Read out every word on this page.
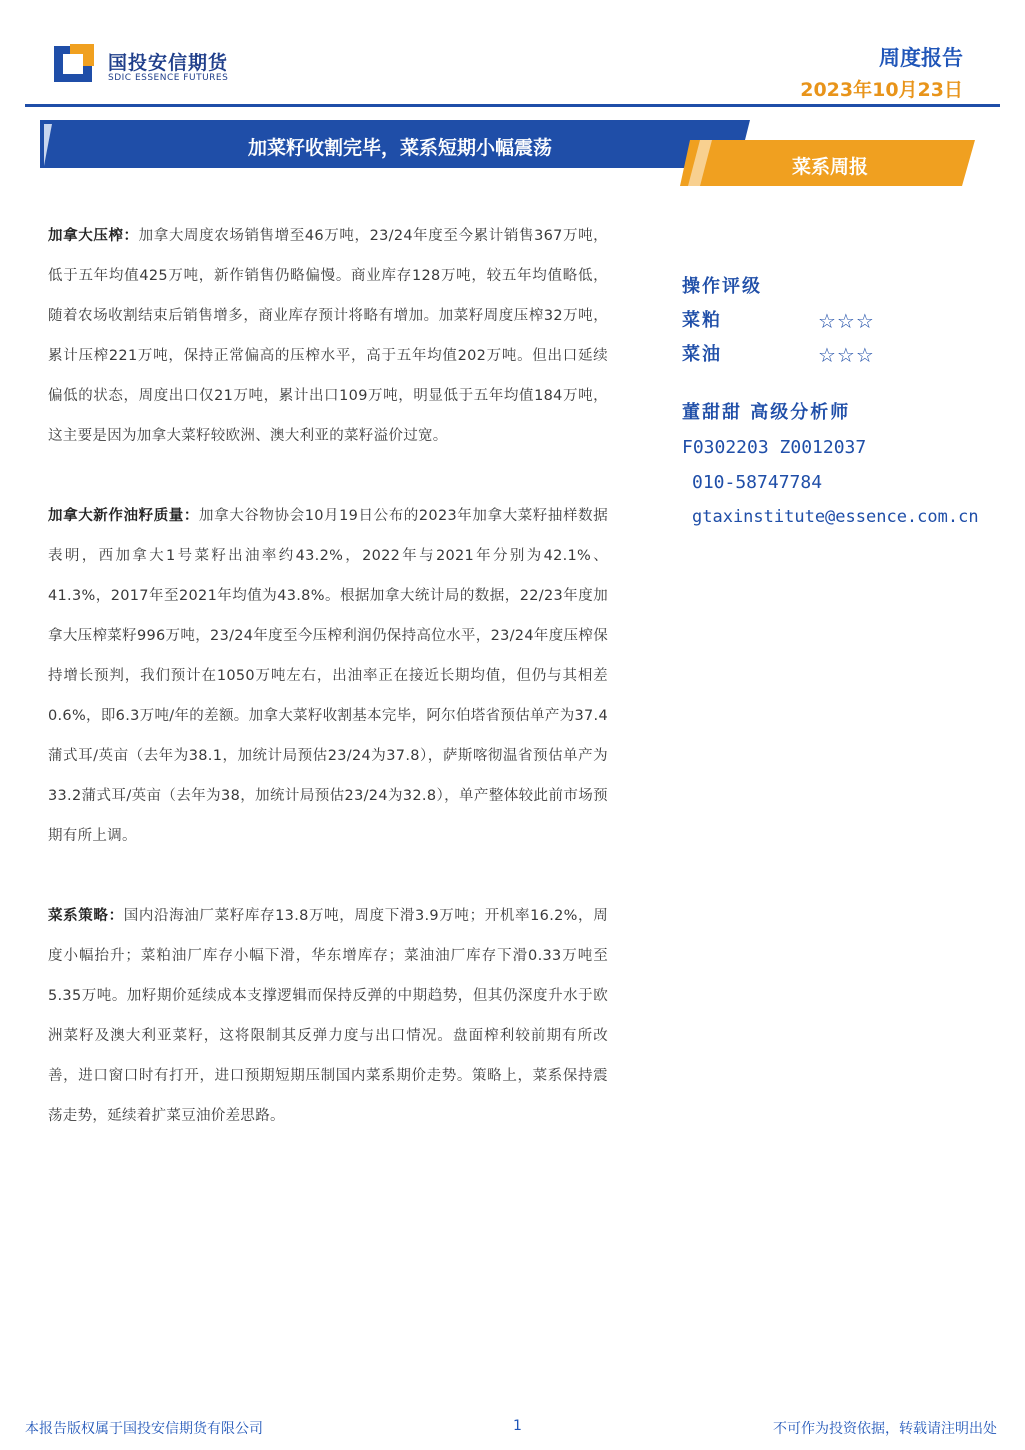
国投安信期货
SDIC ESSENCE FUTURES
周度报告
2023年10月23日
加菜籽收割完毕，菜系短期小幅震荡
菜系周报

加拿大压榨：加拿大周度农场销售增至46万吨，23/24年度至今累计销售367万吨，低于五年均值425万吨，新作销售仍略偏慢。商业库存128万吨，较五年均值略低，随着农场收割结束后销售增多，商业库存预计将略有增加。加菜籽周度压榨32万吨，累计压榨221万吨，保持正常偏高的压榨水平，高于五年均值202万吨。但出口延续偏低的状态，周度出口仅21万吨，累计出口109万吨，明显低于五年均值184万吨，这主要是因为加拿大菜籽较欧洲、澳大利亚的菜籽溢价过宽。

加拿大新作油籽质量：加拿大谷物协会10月19日公布的2023年加拿大菜籽抽样数据表明，西加拿大1号菜籽出油率约43.2%，2022年与2021年分别为42.1%、41.3%，2017年至2021年均值为43.8%。根据加拿大统计局的数据，22/23年度加拿大压榨菜籽996万吨，23/24年度至今压榨利润仍保持高位水平，23/24年度压榨保持增长预判，我们预计在1050万吨左右，出油率正在接近长期均值，但仍与其相差0.6%，即6.3万吨/年的差额。加拿大菜籽收割基本完毕，阿尔伯塔省预估单产为37.4蒲式耳/英亩（去年为38.1，加统计局预估23/24为37.8），萨斯喀彻温省预估单产为33.2蒲式耳/英亩（去年为38，加统计局预估23/24为32.8），单产整体较此前市场预期有所上调。

菜系策略：国内沿海油厂菜籽库存13.8万吨，周度下滑3.9万吨；开机率16.2%，周度小幅抬升；菜粕油厂库存小幅下滑，华东增库存；菜油油厂库存下滑0.33万吨至5.35万吨。加籽期价延续成本支撑逻辑而保持反弹的中期趋势，但其仍深度升水于欧洲菜籽及澳大利亚菜籽，这将限制其反弹力度与出口情况。盘面榨利较前期有所改善，进口窗口时有打开，进口预期短期压制国内菜系期价走势。策略上，菜系保持震荡走势，延续着扩菜豆油价差思路。

操作评级
菜粕	☆☆☆
菜油	☆☆☆
董甜甜 高级分析师
F0302203 Z0012037
010-58747784
gtaxinstitute@essence.com.cn
本报告版权属于国投安信期货有限公司	1	不可作为投资依据，转载请注明出处
